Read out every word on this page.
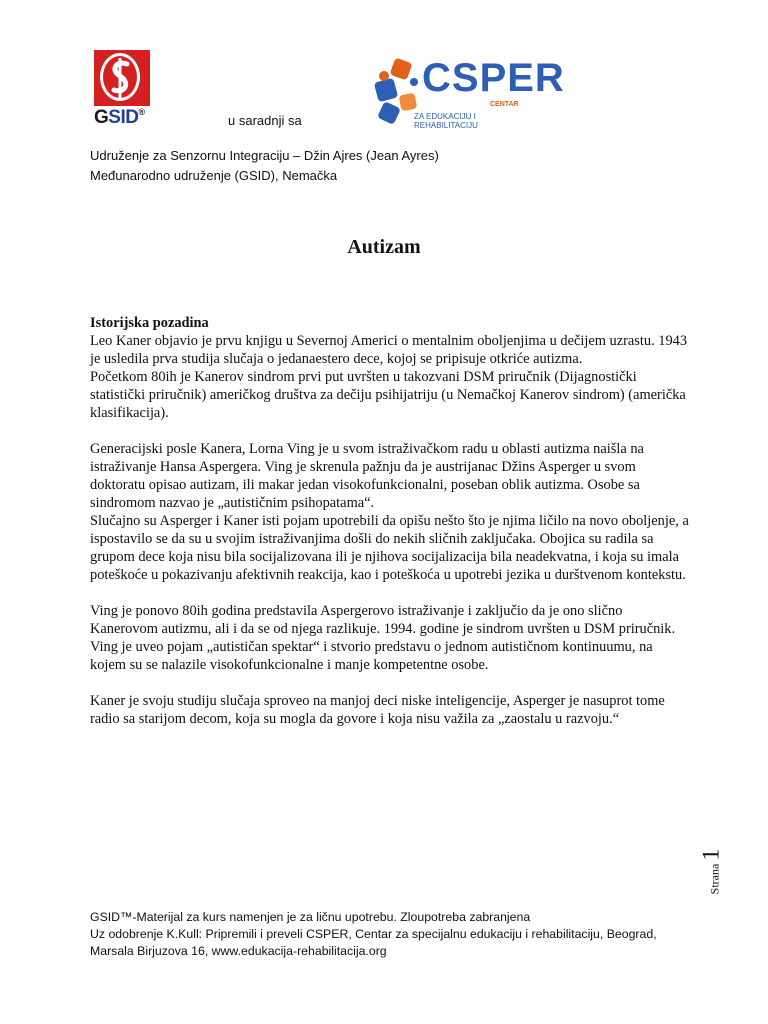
GSID®
u saradnji sa
CSPER
CENTAR
ZA EDUKACIJU I REHABILITACIJU
Udruženje za Senzornu Integraciju – Džin Ajres (Jean Ayres)
Međunarodno udruženje (GSID), Nemačka
Autizam

Istorijska pozadina
Leo Kaner objavio je prvu knjigu u Severnoj Americi o mentalnim oboljenjima u dečijem uzrastu. 1943 je usledila prva studija slučaja o jedanaestero dece, kojoj se pripisuje otkriće autizma.
Početkom 80ih je Kanerov sindrom prvi put uvršten u takozvani DSM priručnik (Dijagnostički statistički priručnik) američkog društva za dečiju psihijatriju (u Nemačkoj Kanerov sindrom) (američka klasifikacija).

Generacijski posle Kanera, Lorna Ving je u svom istraživačkom radu u oblasti autizma naišla na istraživanje Hansa Aspergera. Ving je skrenula pažnju da je austrijanac Džins Asperger u svom doktoratu opisao autizam, ili makar jedan visokofunkcionalni, poseban oblik autizma. Osobe sa sindromom nazvao je „autističnim psihopatama“.
Slučajno su Asperger i Kaner isti pojam upotrebili da opišu nešto što je njima ličilo na novo oboljenje, a ispostavilo se da su u svojim istraživanjima došli do nekih sličnih zaključaka. Obojica su radila sa grupom dece koja nisu bila socijalizovana ili je njihova socijalizacija bila neadekvatna, i koja su imala poteškoće u pokazivanju afektivnih reakcija, kao i poteškoća u upotrebi jezika u durštvenom kontekstu.

Ving je ponovo 80ih godina predstavila Aspergerovo istraživanje i zaključio da je ono slično Kanerovom autizmu, ali i da se od njega razlikuje. 1994. godine je sindrom uvršten u DSM priručnik. Ving je uveo pojam „autističan spektar“ i stvorio predstavu o jednom autističnom kontinuumu, na kojem su se nalazile visokofunkcionalne i manje kompetentne osobe.

Kaner je svoju studiju slučaja sproveo na manjoj deci niske inteligencije, Asperger je nasuprot tome radio sa starijom decom, koja su mogla da govore i koja nisu važila za „zaostalu u razvoju.“

Strana 1
GSID™-Materijal za kurs namenjen je za ličnu upotrebu. Zloupotreba zabranjena
Uz odobrenje K.Kull: Pripremili i preveli CSPER, Centar za specijalnu edukaciju i rehabilitaciju, Beograd,
Marsala Birjuzova 16, www.edukacija-rehabilitacija.org
